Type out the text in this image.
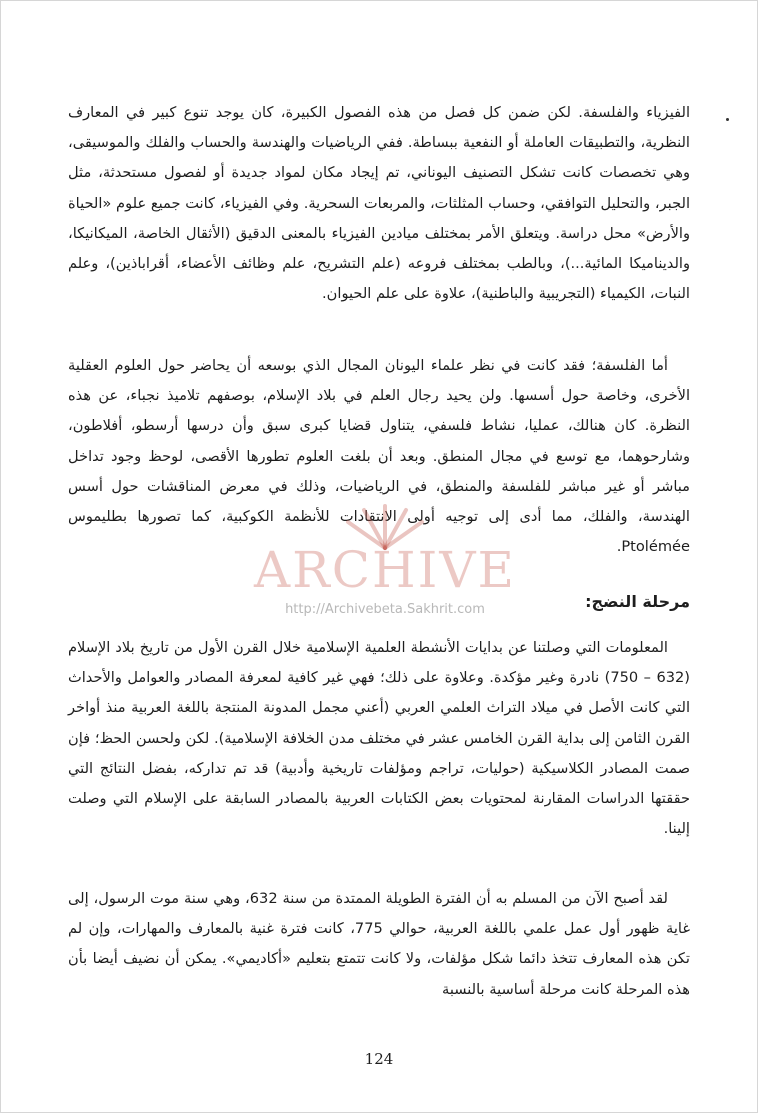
الفيزياء والفلسفة. لكن ضمن كل فصل من هذه الفصول الكبيرة، كان يوجد تنوع كبير في المعارف النظرية، والتطبيقات العاملة أو النفعية ببساطة. ففي الرياضيات والهندسة والحساب والفلك والموسيقى، وهي تخصصات كانت تشكل التصنيف اليوناني، تم إيجاد مكان لمواد جديدة أو لفصول مستحدثة، مثل الجبر، والتحليل التوافقي، وحساب المثلثات، والمربعات السحرية. وفي الفيزياء، كانت جميع علوم «الحياة والأرض» محل دراسة. ويتعلق الأمر بمختلف ميادين الفيزياء بالمعنى الدقيق (الأثقال الخاصة، الميكانيكا، والديناميكا المائية...)، وبالطب بمختلف فروعه (علم التشريح، علم وظائف الأعضاء، أقراباذين)، وعلم النبات، الكيمياء (التجريبية والباطنية)، علاوة على علم الحيوان.

أما الفلسفة؛ فقد كانت في نظر علماء اليونان المجال الذي بوسعه أن يحاضر حول العلوم العقلية الأخرى، وخاصة حول أسسها. ولن يحيد رجال العلم في بلاد الإسلام، بوصفهم تلاميذ نجباء، عن هذه النظرة. كان هنالك، عمليا، نشاط فلسفي، يتناول قضايا كبرى سبق وأن درسها أرسطو، أفلاطون، وشارحوهما، مع توسع في مجال المنطق. وبعد أن بلغت العلوم تطورها الأقصى، لوحظ وجود تداخل مباشر أو غير مباشر للفلسفة والمنطق، في الرياضيات، وذلك في معرض المناقشات حول أسس الهندسة، والفلك، مما أدى إلى توجيه أولى الانتقادات للأنظمة الكوكبية، كما تصورها بطليموس Ptolémée.

ARCHIVE
http://Archivebeta.Sakhrit.com	مرحلة النضج:

المعلومات التي وصلتنا عن بدايات الأنشطة العلمية الإسلامية خلال القرن الأول من تاريخ بلاد الإسلام (632 – 750) نادرة وغير مؤكدة. وعلاوة على ذلك؛ فهي غير كافية لمعرفة المصادر والعوامل والأحداث التي كانت الأصل في ميلاد التراث العلمي العربي (أعني مجمل المدونة المنتجة باللغة العربية منذ أواخر القرن الثامن إلى بداية القرن الخامس عشر في مختلف مدن الخلافة الإسلامية). لكن ولحسن الحظ؛ فإن صمت المصادر الكلاسيكية (حوليات، تراجم ومؤلفات تاريخية وأدبية) قد تم تداركه، بفضل النتائج التي حققتها الدراسات المقارنة لمحتويات بعض الكتابات العربية بالمصادر السابقة على الإسلام التي وصلت إلينا.

لقد أصبح الآن من المسلم به أن الفترة الطويلة الممتدة من سنة 632، وهي سنة موت الرسول، إلى غاية ظهور أول عمل علمي باللغة العربية، حوالي 775، كانت فترة غنية بالمعارف والمهارات، وإن لم تكن هذه المعارف تتخذ دائما شكل مؤلفات، ولا كانت تتمتع بتعليم «أكاديمي». يمكن أن نضيف أيضا بأن هذه المرحلة كانت مرحلة أساسية بالنسبة

124
